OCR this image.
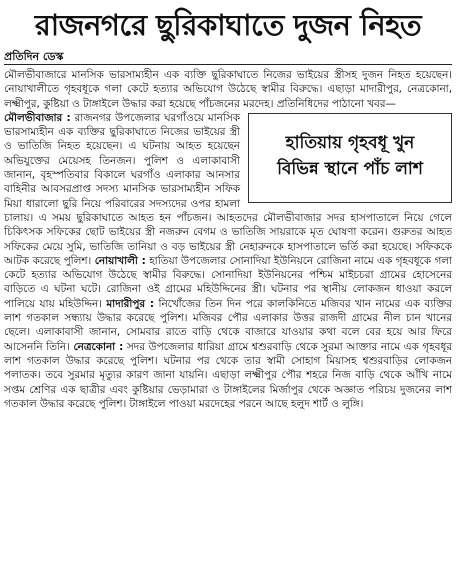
রাজনগরে ছুরিকাঘাতে দুজন নিহত
প্রতিদিন ডেস্ক

মৌলভীবাজারে মানসিক ভারসাম্যহীন এক ব্যক্তি ছুরিকাঘাতে নিজের ভাইয়ের স্ত্রীসহ দুজন নিহত হয়েছেন। নোয়াখালীতে গৃহবধূকে গলা কেটে হত্যার অভিযোগ উঠেছে স্বামীর বিরুদ্ধে। এছাড়া মাদারীপুর, নেত্রকোনা, লক্ষ্মীপুর, কুষ্টিয়া ও টাঙ্গাইলে উদ্ধার করা হয়েছে পাঁচজনের মরদেহ। প্রতিনিধিদের পাঠানো খবর—

হাতিয়ায় গৃহবধূ খুন
বিভিন্ন স্থানে পাঁচ লাশ

মৌলভীবাজার : রাজনগর উপজেলার ঘরগাঁওয়ে মানসিক ভারসাম্যহীন এক ব্যক্তির ছুরিকাঘাতে নিজের ভাইয়ের স্ত্রী ও ভাতিজি নিহত হয়েছেন। এ ঘটনায় আহত হয়েছেন অভিযুক্তের মেয়েসহ তিনজন। পুলিশ ও এলাকাবাসী জানান, বৃহস্পতিবার বিকালে ঘরগাঁও এলাকার আনসার বাহিনীর আবসরপ্রাপ্ত সদস্য মানসিক ভারসাম্যহীন সফিক মিয়া ধারালো ছুরি নিয়ে পরিবারের সদস্যদের ওপর হামলা চালায়। এ সময় ছুরিকাঘাতে আহত হন পাঁচজন। আহতদের মৌলভীবাজার সদর হাসপাতালে নিয়ে গেলে চিকিৎসক সফিকের ছোট ভাইয়ের স্ত্রী নজরুন বেগম ও ভাতিজি সায়রাকে মৃত ঘোষণা করেন। গুরুতর আহত সফিকের মেয়ে সুমি, ভাতিজি তানিয়া ও বড় ভাইয়ের স্ত্রী নেহারুনকে হাসপাতালে ভর্তি করা হয়েছে। সফিককে আটক করেছে পুলিশ। নোয়াখালী : হাতিয়া উপজেলার সোনাদিয়া ইউনিয়নে রোজিনা নামে এক গৃহবধূকে গলা কেটে হত্যার অভিযোগ উঠেছে স্বামীর বিরুদ্ধে। সোনাদিয়া ইউনিয়নের পশ্চিম মাইচচরা গ্রামের হোসেনের বাড়িতে এ ঘটনা ঘটে। রোজিনা ওই গ্রামের মহিউদ্দিনের স্ত্রী। ঘটনার পর স্থানীয় লোকজন ধাওয়া করলে পালিয়ে যায় মহিউদ্দিন। মাদারীপুর : নিখোঁজের তিন দিন পরে কালকিনিতে মজিবর খান নামের এক ব্যক্তির লাশ গতকাল সন্ধ্যায় উদ্ধার করেছে পুলিশ। মজিবর পৌর এলাকার উত্তর রাজদী গ্রামের নীল চান খানের ছেলে। এলাকাবাসী জানান, সোমবার রাতে বাড়ি থেকে বাজারে যাওয়ার কথা বলে বের হয়ে আর ফিরে আসেননি তিনি। নেত্রকোনা : সদর উপজেলার ধারিয়া গ্রামে শ্বশুরবাড়ি থেকে সুরমা আক্তার নামে এক গৃহবধূর লাশ গতকাল উদ্ধার করেছে পুলিশ। ঘটনার পর থেকে তার স্বামী সোহাগ মিয়াসহ শ্বশুরবাড়ির লোকজন পলাতক। তবে সুরমার মৃত্যুর কারণ জানা যায়নি। এছাড়া লক্ষ্মীপুর পৌর শহরে নিজ বাড়ি থেকে আঁখি নামে সপ্তম শ্রেণির এক ছাত্রীর এবং কুষ্টিয়ার ভেড়ামারা ও টাঙ্গাইলের মির্জাপুর থেকে অজ্ঞাত পরিচয় দুজনের লাশ গতকাল উদ্ধার করেছে পুলিশ। টাঙ্গাইলে পাওয়া মরদেহের পরনে আছে হলুদ শার্ট ও লুঙ্গি।
